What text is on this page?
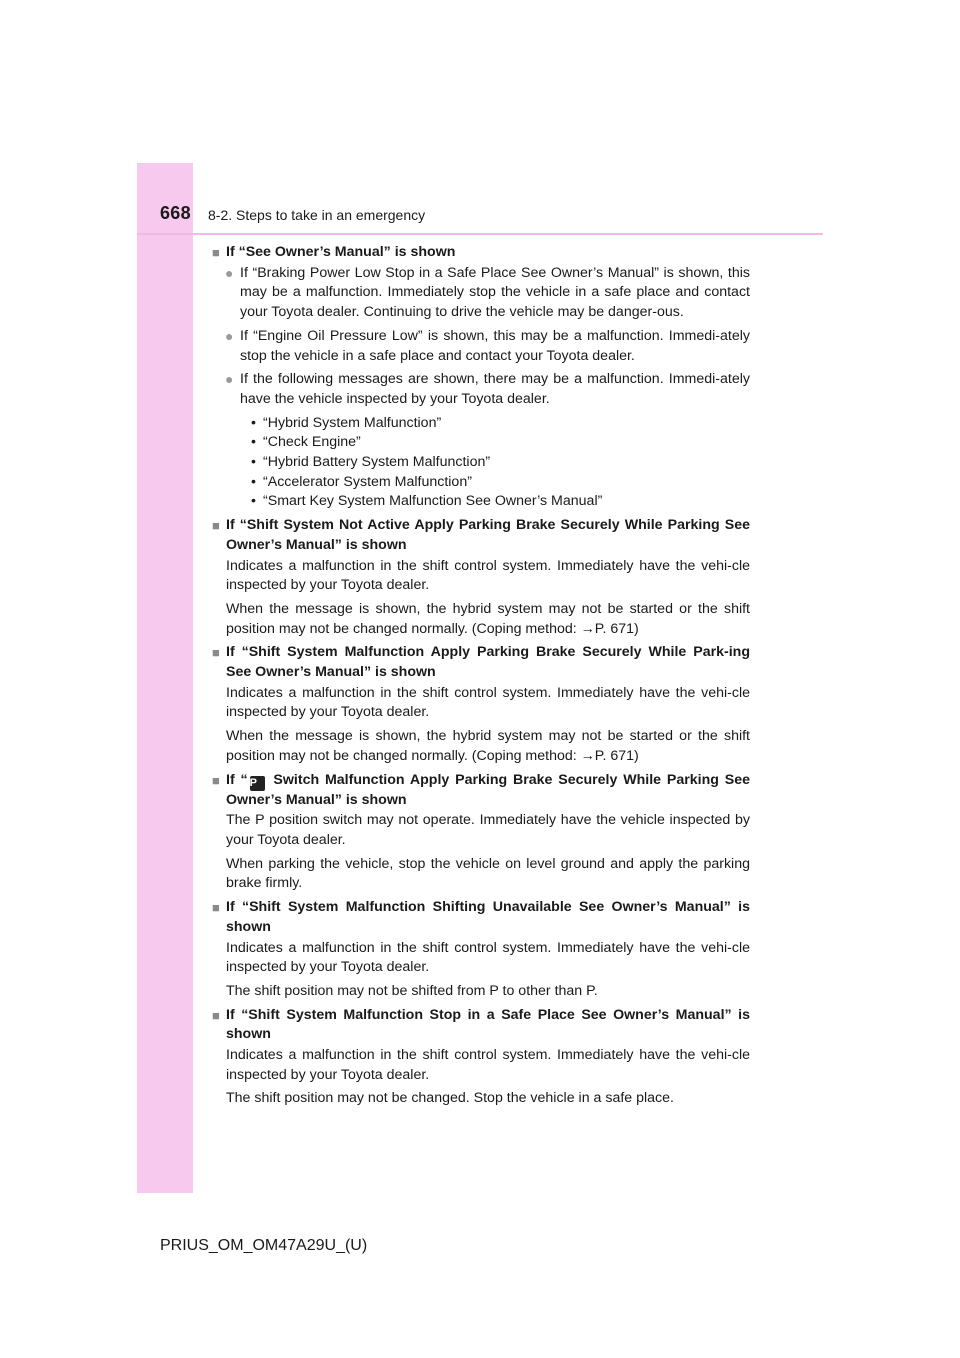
668 8-2. Steps to take in an emergency
■ If “See Owner’s Manual” is shown
● If “Braking Power Low Stop in a Safe Place See Owner’s Manual” is shown, this may be a malfunction. Immediately stop the vehicle in a safe place and contact your Toyota dealer. Continuing to drive the vehicle may be danger-ous.
● If “Engine Oil Pressure Low” is shown, this may be a malfunction. Immedi-ately stop the vehicle in a safe place and contact your Toyota dealer.
● If the following messages are shown, there may be a malfunction. Immedi-ately have the vehicle inspected by your Toyota dealer.
• “Hybrid System Malfunction”
• “Check Engine”
• “Hybrid Battery System Malfunction”
• “Accelerator System Malfunction”
• “Smart Key System Malfunction See Owner’s Manual”
■ If “Shift System Not Active Apply Parking Brake Securely While Parking See Owner’s Manual” is shown
Indicates a malfunction in the shift control system. Immediately have the vehi-cle inspected by your Toyota dealer.
When the message is shown, the hybrid system may not be started or the shift position may not be changed normally. (Coping method: →P. 671)
■ If “Shift System Malfunction Apply Parking Brake Securely While Park-ing See Owner’s Manual” is shown
Indicates a malfunction in the shift control system. Immediately have the vehi-cle inspected by your Toyota dealer.
When the message is shown, the hybrid system may not be started or the shift position may not be changed normally. (Coping method: →P. 671)
■ If “ P Switch Malfunction Apply Parking Brake Securely While Parking See Owner’s Manual” is shown
The P position switch may not operate. Immediately have the vehicle inspected by your Toyota dealer.
When parking the vehicle, stop the vehicle on level ground and apply the parking brake firmly.
■ If “Shift System Malfunction Shifting Unavailable See Owner’s Manual” is shown
Indicates a malfunction in the shift control system. Immediately have the vehi-cle inspected by your Toyota dealer.
The shift position may not be shifted from P to other than P.
■ If “Shift System Malfunction Stop in a Safe Place See Owner’s Manual” is shown
Indicates a malfunction in the shift control system. Immediately have the vehi-cle inspected by your Toyota dealer.
The shift position may not be changed. Stop the vehicle in a safe place.
PRIUS_OM_OM47A29U_(U)
